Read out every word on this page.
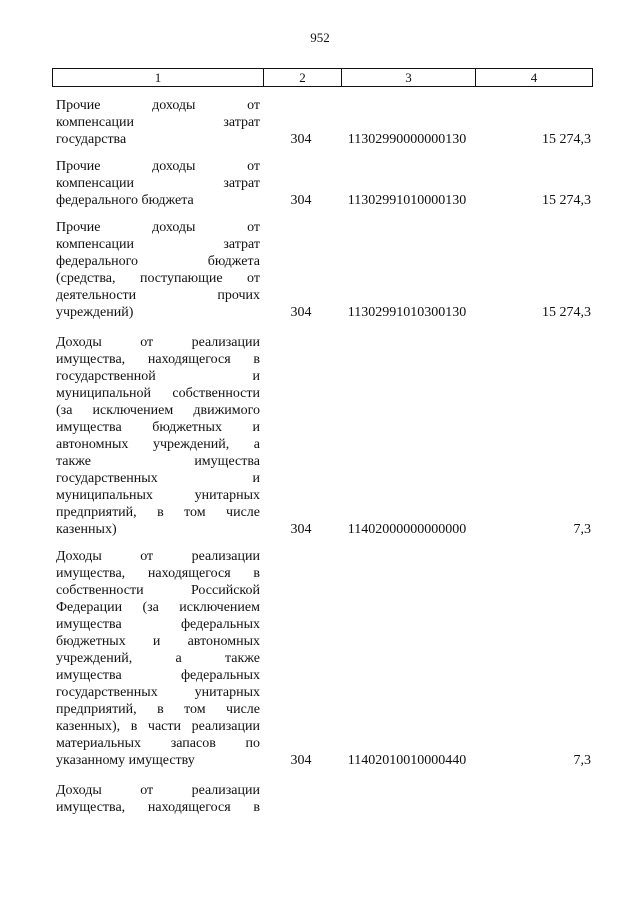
952
1	2	3	4
Прочие доходы от
компенсации затрат
государства	304	11302990000000130	15 274,3
Прочие доходы от
компенсации затрат
федерального бюджета	304	11302991010000130	15 274,3
Прочие доходы от
компенсации затрат
федерального бюджета
(средства, поступающие от
деятельности прочих
учреждений)	304	11302991010300130	15 274,3
Доходы от реализации
имущества, находящегося в
государственной и
муниципальной собственности
(за исключением движимого
имущества бюджетных и
автономных учреждений, а
также имущества
государственных и
муниципальных унитарных
предприятий, в том числе
казенных)	304	11402000000000000	7,3
Доходы от реализации
имущества, находящегося в
собственности Российской
Федерации (за исключением
имущества федеральных
бюджетных и автономных
учреждений, а также
имущества федеральных
государственных унитарных
предприятий, в том числе
казенных), в части реализации
материальных запасов по
указанному имуществу	304	11402010010000440	7,3
Доходы от реализации
имущества, находящегося в
